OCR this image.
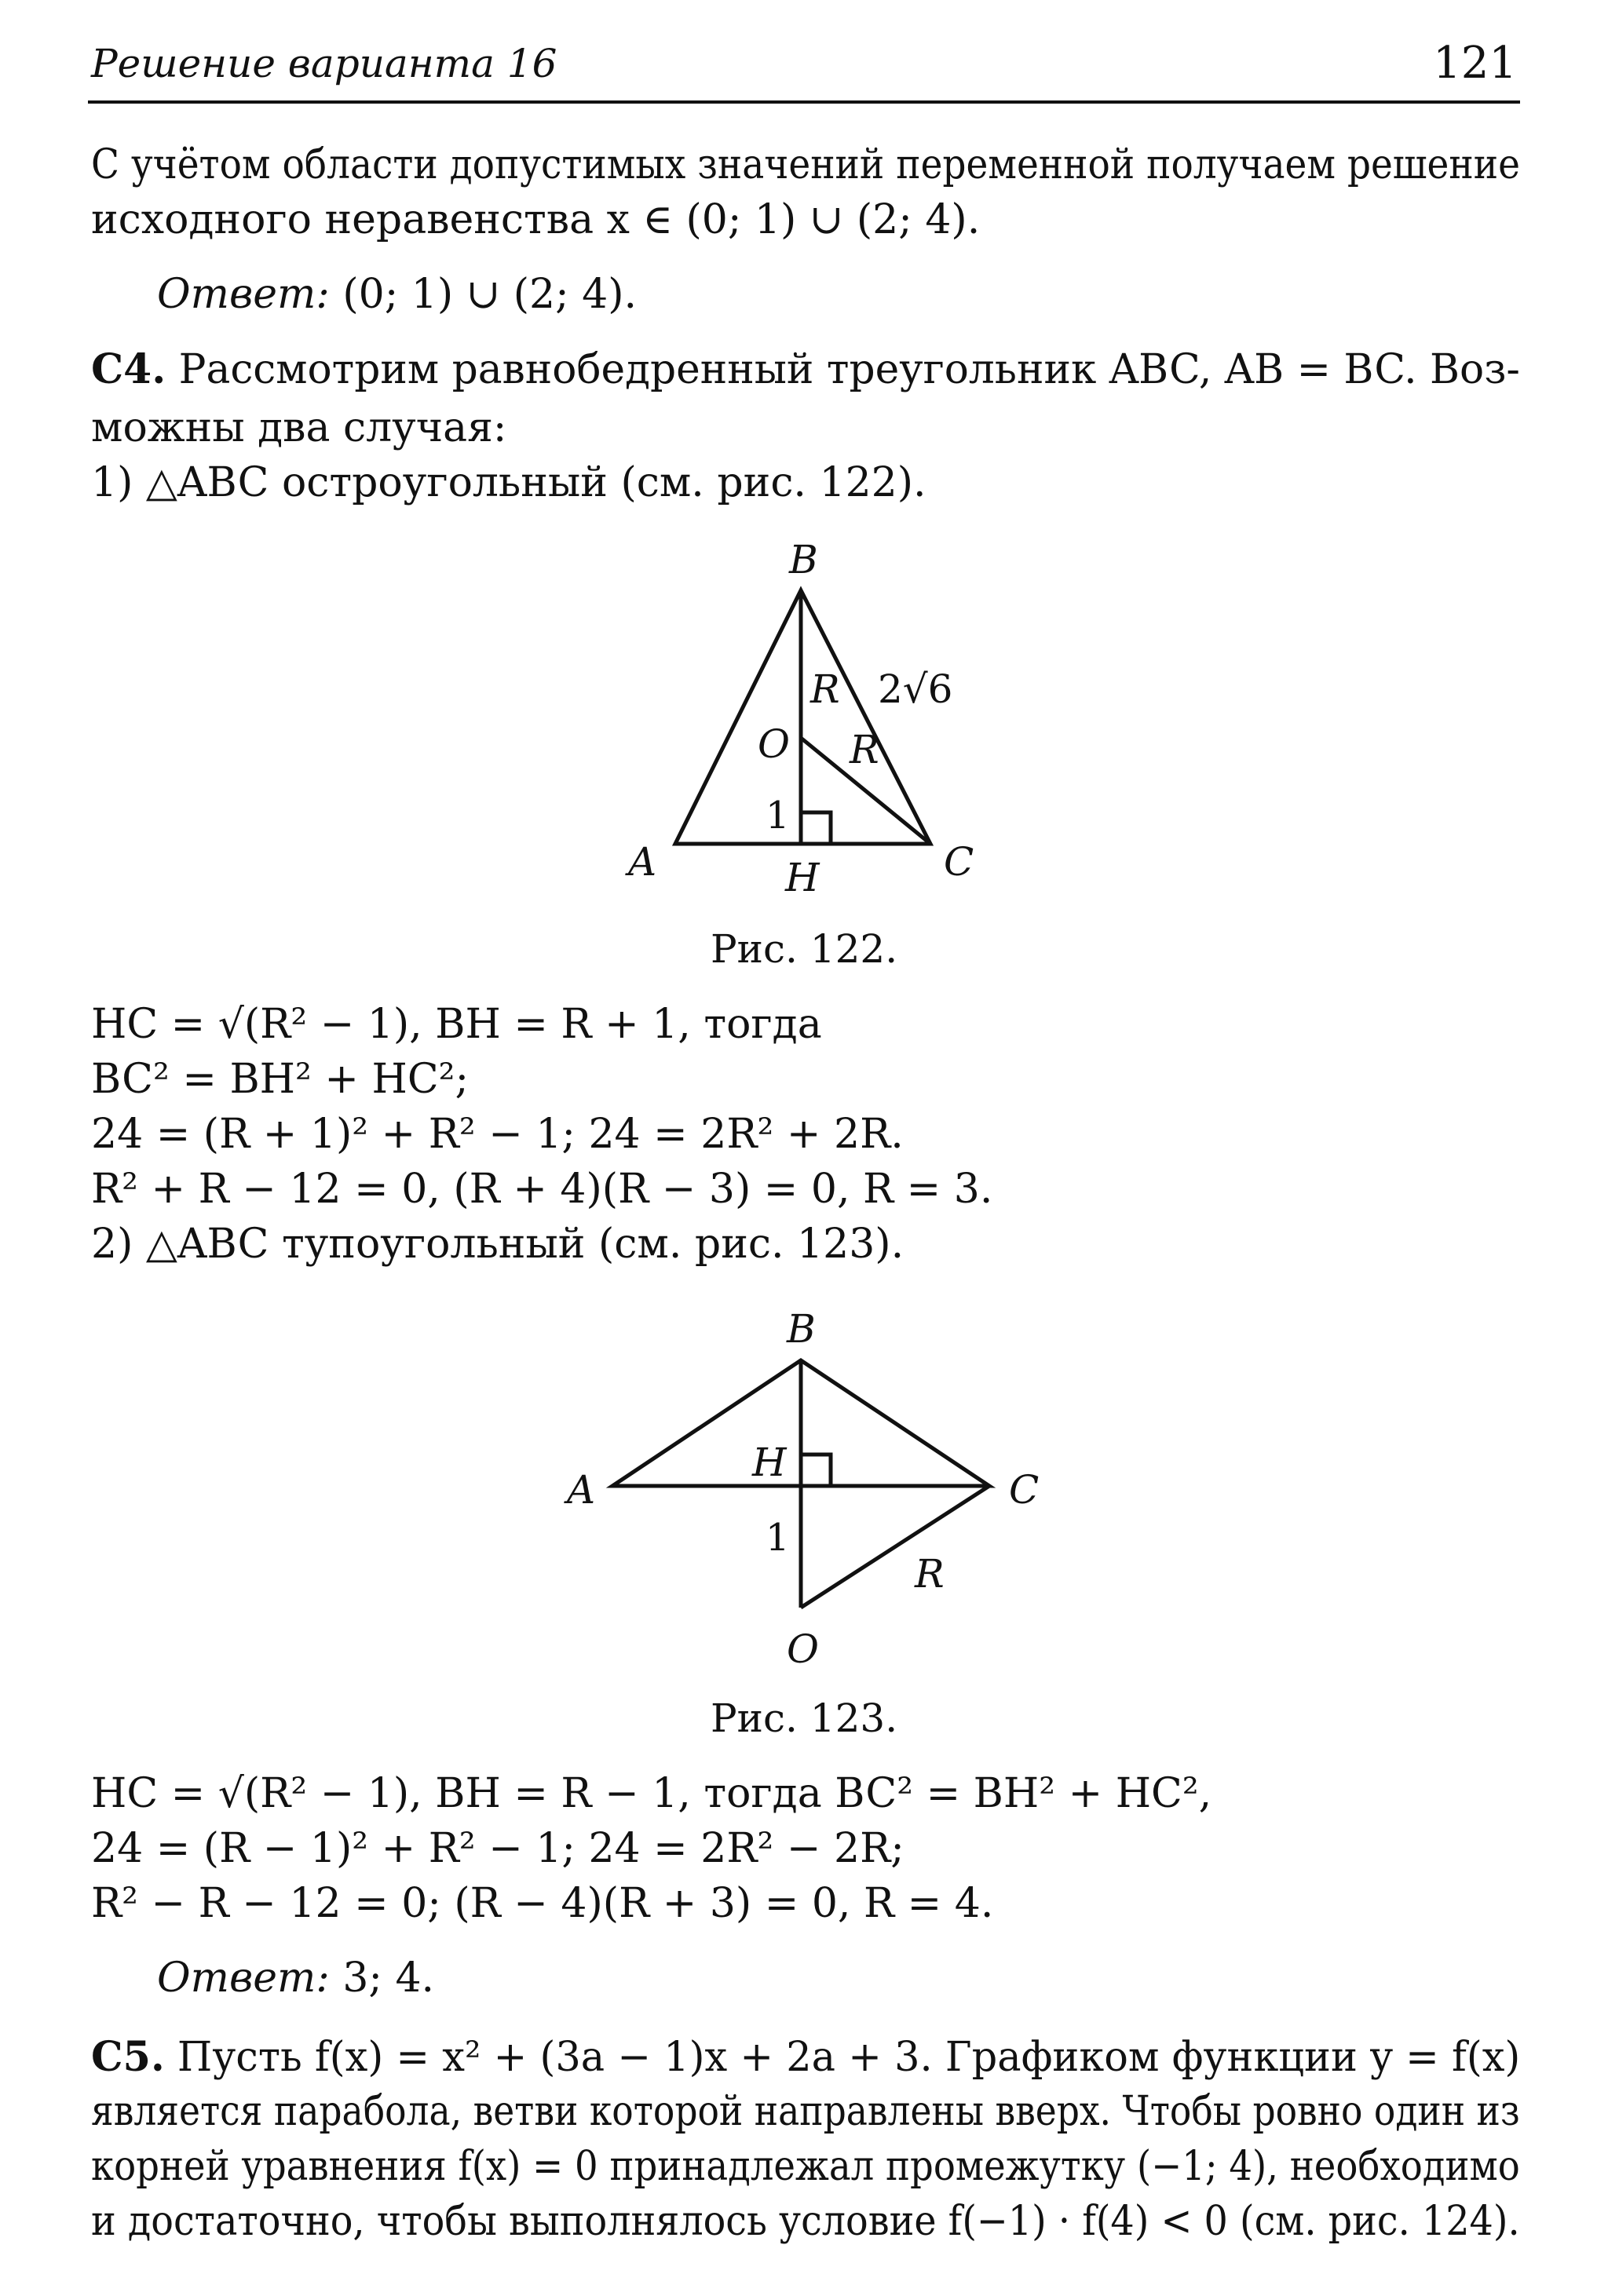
Решение варианта 16	121
С учётом области допустимых значений переменной получаем решение
исходного неравенства x ∈ (0; 1) ∪ (2; 4).
Ответ: (0; 1) ∪ (2; 4).
С4. Рассмотрим равнобедренный треугольник ABC, AB = BC. Воз-
можны два случая:
1) △ABC остроугольный (см. рис. 122).
B
A	C
H
O
R
R
1
2√6
Рис. 122.
HC = √(R² − 1), BH = R + 1, тогда
BC² = BH² + HC²;
24 = (R + 1)² + R² − 1; 24 = 2R² + 2R.
R² + R − 12 = 0, (R + 4)(R − 3) = 0, R = 3.
2) △ABC тупоугольный (см. рис. 123).
B
A	C
H
O
R
1
Рис. 123.
HC = √(R² − 1), BH = R − 1, тогда BC² = BH² + HC²,
24 = (R − 1)² + R² − 1; 24 = 2R² − 2R;
R² − R − 12 = 0; (R − 4)(R + 3) = 0, R = 4.
Ответ: 3; 4.
С5. Пусть f(x) = x² + (3a − 1)x + 2a + 3. Графиком функции y = f(x)
является парабола, ветви которой направлены вверх. Чтобы ровно один из
корней уравнения f(x) = 0 принадлежал промежутку (−1; 4), необходимо
и достаточно, чтобы выполнялось условие f(−1) · f(4) < 0 (см. рис. 124).
